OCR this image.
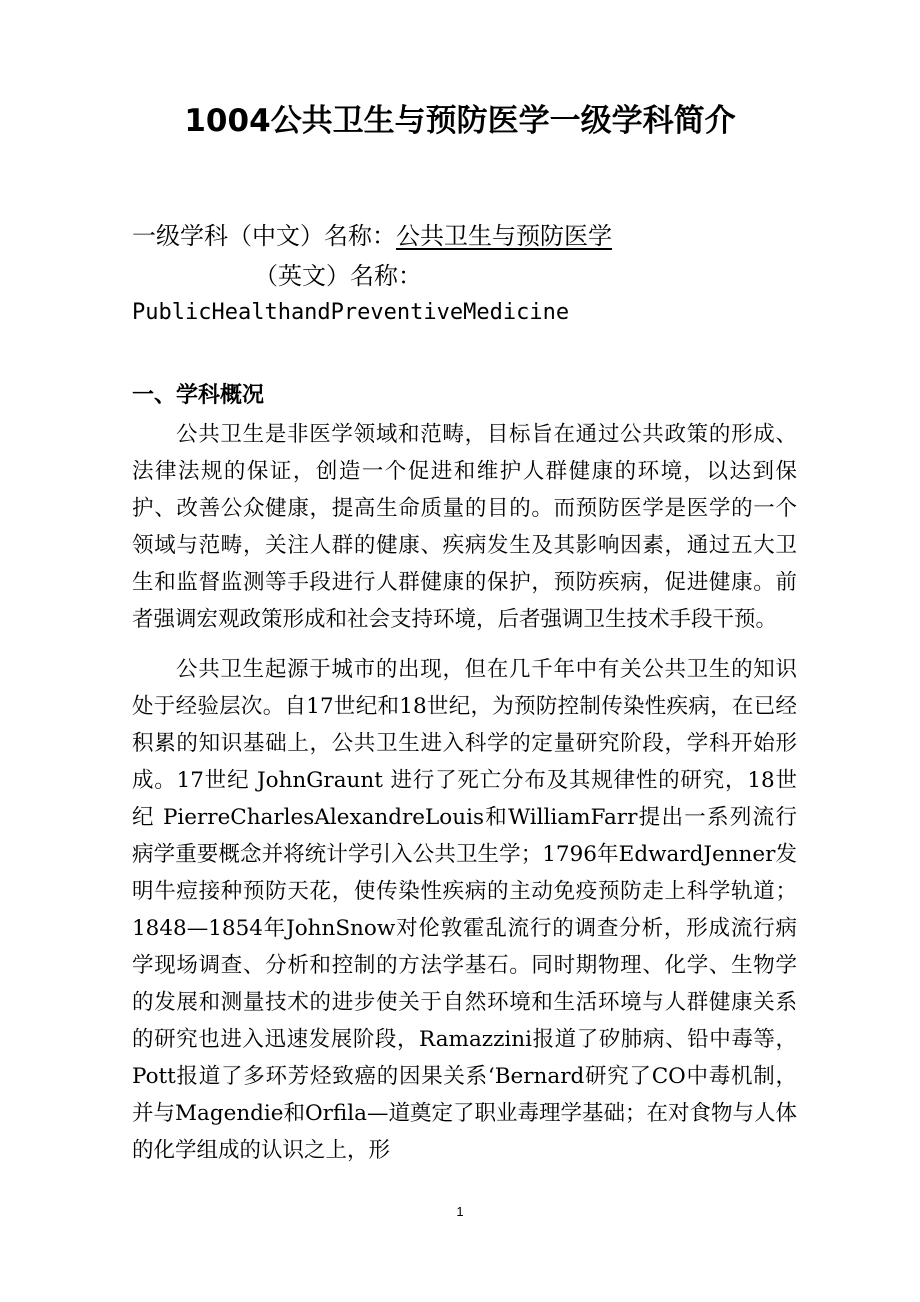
1004公共卫生与预防医学一级学科简介
一级学科（中文）名称：公共卫生与预防医学
（英文）名称：
PublicHealthandPreventiveMedicine
一、学科概况

公共卫生是非医学领域和范畴，目标旨在通过公共政策的形成、法律法规的保证，创造一个促进和维护人群健康的环境，以达到保护、改善公众健康，提高生命质量的目的。而预防医学是医学的一个领域与范畴，关注人群的健康、疾病发生及其影响因素，通过五大卫生和监督监测等手段进行人群健康的保护，预防疾病，促进健康。前者强调宏观政策形成和社会支持环境，后者强调卫生技术手段干预。

公共卫生起源于城市的出现，但在几千年中有关公共卫生的知识处于经验层次。自17世纪和18世纪，为预防控制传染性疾病，在已经积累的知识基础上，公共卫生进入科学的定量研究阶段，学科开始形成。17世纪 JohnGraunt 进行了死亡分布及其规律性的研究，18世纪 PierreCharlesAlexandreLouis和WilliamFarr提出一系列流行病学重要概念并将统计学引入公共卫生学；1796年EdwardJenner发明牛痘接种预防天花，使传染性疾病的主动免疫预防走上科学轨道；1848—1854年JohnSnow对伦敦霍乱流行的调查分析，形成流行病学现场调查、分析和控制的方法学基石。同时期物理、化学、生物学的发展和测量技术的进步使关于自然环境和生活环境与人群健康关系的研究也进入迅速发展阶段，Ramazzini报道了矽肺病、铅中毒等，Pott报道了多环芳烃致癌的因果关系‘Bernard研究了CO中毒机制，并与Magendie和Orfila—道奠定了职业毒理学基础；在对食物与人体的化学组成的认识之上，形

1
